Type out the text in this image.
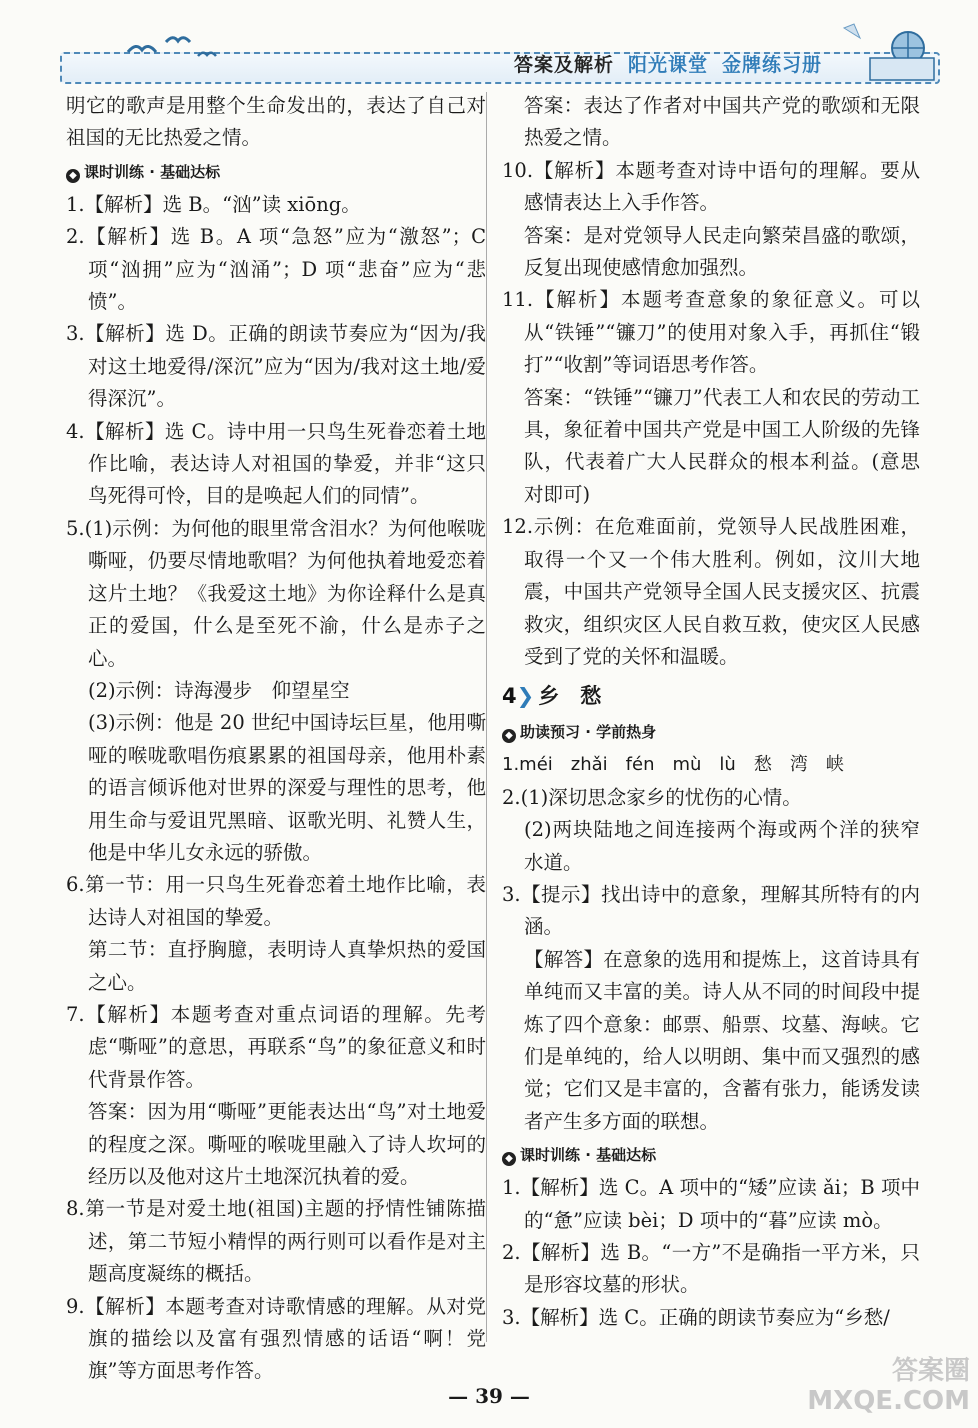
答案及解析 阳光课堂 金牌练习册

明它的歌声是用整个生命发出的，表达了自己对祖国的无比热爱之情。

◆ 课时训练 · 基础达标

1.【解析】选 B。“汹”读 xiōng。

2.【解析】选 B。A 项“急怒”应为“激怒”；C 项“汹拥”应为“汹涌”；D 项“悲奋”应为“悲愤”。

3.【解析】选 D。正确的朗读节奏应为“因为/我对这土地爱得/深沉”应为“因为/我对这土地/爱得深沉”。

4.【解析】选 C。诗中用一只鸟生死眷恋着土地作比喻，表达诗人对祖国的挚爱，并非“这只鸟死得可怜，目的是唤起人们的同情”。

5.(1)示例：为何他的眼里常含泪水？为何他喉咙嘶哑，仍要尽情地歌唱？为何他执着地爱恋着这片土地？《我爱这土地》为你诠释什么是真正的爱国，什么是至死不渝，什么是赤子之心。

(2)示例：诗海漫步　仰望星空

(3)示例：他是 20 世纪中国诗坛巨星，他用嘶哑的喉咙歌唱伤痕累累的祖国母亲，他用朴素的语言倾诉他对世界的深爱与理性的思考，他用生命与爱诅咒黑暗、讴歌光明、礼赞人生，他是中华儿女永远的骄傲。

6.第一节：用一只鸟生死眷恋着土地作比喻，表达诗人对祖国的挚爱。

第二节：直抒胸臆，表明诗人真挚炽热的爱国之心。

7.【解析】本题考查对重点词语的理解。先考虑“嘶哑”的意思，再联系“鸟”的象征意义和时代背景作答。

答案：因为用“嘶哑”更能表达出“鸟”对土地爱的程度之深。嘶哑的喉咙里融入了诗人坎坷的经历以及他对这片土地深沉执着的爱。

8.第一节是对爱土地(祖国)主题的抒情性铺陈描述，第二节短小精悍的两行则可以看作是对主题高度凝练的概括。

9.【解析】本题考查对诗歌情感的理解。从对党旗的描绘以及富有强烈情感的话语“啊！党旗”等方面思考作答。

答案：表达了作者对中国共产党的歌颂和无限热爱之情。

10.【解析】本题考查对诗中语句的理解。要从感情表达上入手作答。

答案：是对党领导人民走向繁荣昌盛的歌颂，反复出现使感情愈加强烈。

11.【解析】本题考查意象的象征意义。可以从“铁锤”“镰刀”的使用对象入手，再抓住“锻打”“收割”等词语思考作答。

答案：“铁锤”“镰刀”代表工人和农民的劳动工具，象征着中国共产党是中国工人阶级的先锋队，代表着广大人民群众的根本利益。(意思对即可)

12.示例：在危难面前，党领导人民战胜困难，取得一个又一个伟大胜利。例如，汶川大地震，中国共产党领导全国人民支援灾区、抗震救灾，组织灾区人民自救互救，使灾区人民感受到了党的关怀和温暖。

4❯ 乡　愁
◆ 助读预习 · 学前热身

1.méi　zhǎi　fén　mù　lù　愁　湾　峡

2.(1)深切思念家乡的忧伤的心情。

(2)两块陆地之间连接两个海或两个洋的狭窄水道。

3.【提示】找出诗中的意象，理解其所特有的内涵。

【解答】在意象的选用和提炼上，这首诗具有单纯而又丰富的美。诗人从不同的时间段中提炼了四个意象：邮票、船票、坟墓、海峡。它们是单纯的，给人以明朗、集中而又强烈的感觉；它们又是丰富的，含蓄有张力，能诱发读者产生多方面的联想。

◆ 课时训练 · 基础达标

1.【解析】选 C。A 项中的“矮”应读 ǎi；B 项中的“惫”应读 bèi；D 项中的“暮”应读 mò。

2.【解析】选 B。“一方”不是确指一平方米，只是形容坟墓的形状。

3.【解析】选 C。正确的朗读节奏应为“乡愁/

— 39 —
答案圈
MXQE.COM
